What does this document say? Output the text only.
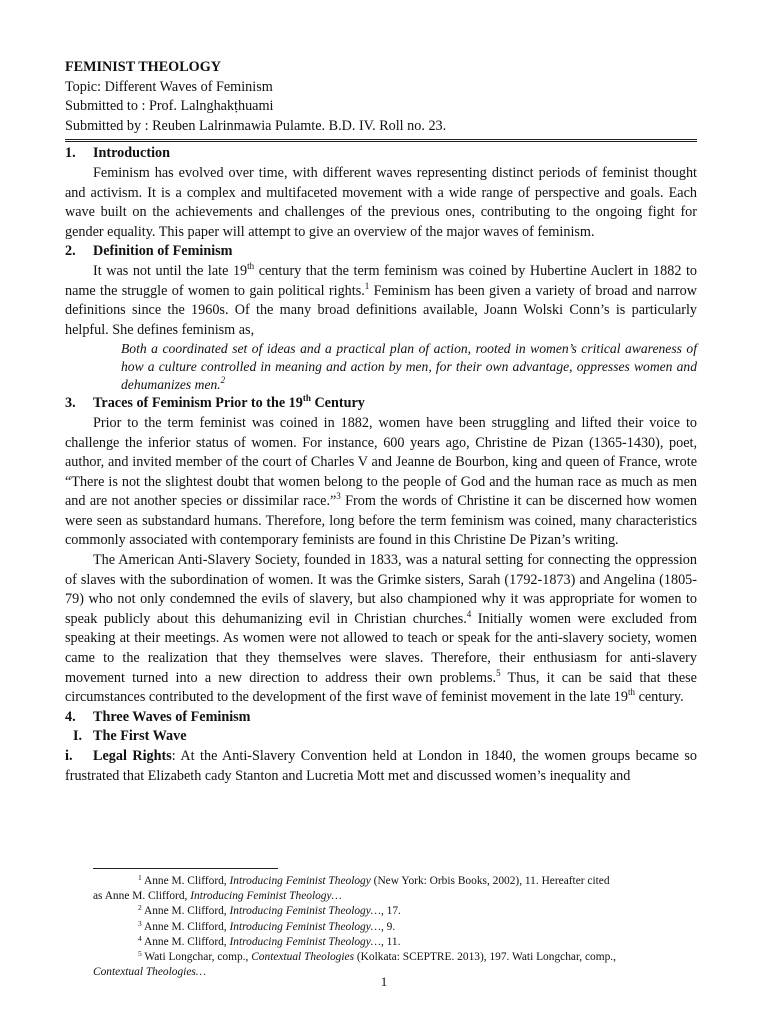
FEMINIST THEOLOGY

Topic: Different Waves of Feminism

Submitted to : Prof. Lalnghakṭhuami

Submitted by : Reuben Lalrinmawia Pulamte. B.D. IV. Roll no. 23.

1.	Introduction

Feminism has evolved over time, with different waves representing distinct periods of feminist thought and activism. It is a complex and multifaceted movement with a wide range of perspective and goals. Each wave built on the achievements and challenges of the previous ones, contributing to the ongoing fight for gender equality. This paper will attempt to give an overview of the major waves of feminism.

2.	Definition of Feminism

It was not until the late 19th century that the term feminism was coined by Hubertine Auclert in 1882 to name the struggle of women to gain political rights.$^1$ Feminism has been given a variety of broad and narrow definitions since the 1960s. Of the many broad definitions available, Joann Wolski Conn’s is particularly helpful. She defines feminism as,

Both a coordinated set of ideas and a practical plan of action, rooted in women’s critical awareness of how a culture controlled in meaning and action by men, for their own advantage, oppresses women and dehumanizes men.$^2$

3.	Traces of Feminism Prior to the 19th Century

Prior to the term feminist was coined in 1882, women have been struggling and lifted their voice to challenge the inferior status of women. For instance, 600 years ago, Christine de Pizan (1365-1430), poet, author, and invited member of the court of Charles V and Jeanne de Bourbon, king and queen of France, wrote “There is not the slightest doubt that women belong to the people of God and the human race as much as men and are not another species or dissimilar race.”$^3$ From the words of Christine it can be discerned how women were seen as substandard humans. Therefore, long before the term feminism was coined, many characteristics commonly associated with contemporary feminists are found in this Christine De Pizan’s writing.

The American Anti-Slavery Society, founded in 1833, was a natural setting for connecting the oppression of slaves with the subordination of women. It was the Grimke sisters, Sarah (1792-1873) and Angelina (1805-79) who not only condemned the evils of slavery, but also championed why it was appropriate for women to speak publicly about this dehumanizing evil in Christian churches.$^4$ Initially women were excluded from speaking at their meetings. As women were not allowed to teach or speak for the anti-slavery society, women came to the realization that they themselves were slaves. Therefore, their enthusiasm for anti-slavery movement turned into a new direction to address their own problems.$^5$ Thus, it can be said that these circumstances contributed to the development of the first wave of feminist movement in the late 19th century.

4.	Three Waves of Feminism

I. The First Wave

i. Legal Rights: At the Anti-Slavery Convention held at London in 1840, the women groups became so frustrated that Elizabeth cady Stanton and Lucretia Mott met and discussed women’s inequality and

$^1$ Anne M. Clifford, Introducing Feminist Theology (New York: Orbis Books, 2002), 11. Hereafter cited

as Anne M. Clifford, Introducing Feminist Theology…

$^2$ Anne M. Clifford, Introducing Feminist Theology…, 17.

$^3$ Anne M. Clifford, Introducing Feminist Theology…, 9.

$^4$ Anne M. Clifford, Introducing Feminist Theology…, 11.

$^5$ Wati Longchar, comp., Contextual Theologies (Kolkata: SCEPTRE. 2013), 197. Wati Longchar, comp.,

Contextual Theologies…

1
